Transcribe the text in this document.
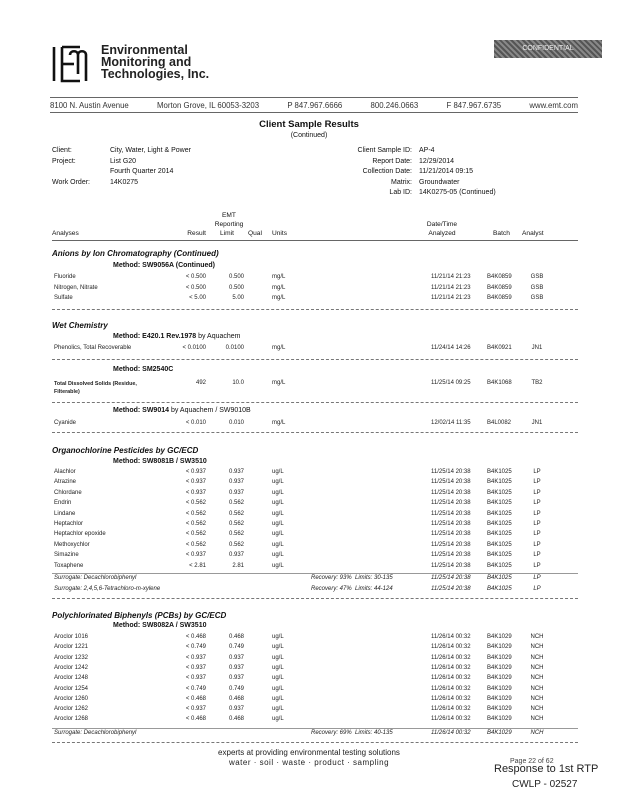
CONFIDENTIAL
Environmental
Monitoring and
Technologies, Inc.
8100 N. Austin Avenue	Morton Grove, IL 60053-3203	P 847.967.6666	800.246.0663	F 847.967.6735	www.emt.com
Client Sample Results
(Continued)
Client:	City, Water, Light & Power
Project:	List G20
Fourth Quarter 2014
Work Order:	14K0275
Client Sample ID: AP-4
Report Date: 12/29/2014
Collection Date: 11/21/2014 09:15
Matrix: Groundwater
Lab ID: 14K0275-05 (Continued)
EMT
Reporting	Date/Time
Analyses	Result Limit Qual Units	Analyzed	Batch Analyst
Anions by Ion Chromatography (Continued)
Method: SW9056A (Continued)
Fluoride	< 0.500	0.500	mg/L	11/21/14 21:23	B4K0859	GSB
Nitrogen, Nitrate	< 0.500	0.500	mg/L	11/21/14 21:23	B4K0859	GSB
Sulfate	< 5.00	5.00	mg/L	11/21/14 21:23	B4K0859	GSB
Wet Chemistry
Method: E420.1 Rev.1978 by Aquachem
Phenolics, Total Recoverable	< 0.0100	0.0100	mg/L	11/24/14 14:26	B4K0921	JN1
Method: SM2540C
Total Dissolved Solids (Residue,
Filterable)
492	10.0	mg/L	11/25/14 09:25	B4K1068	TB2
Method: SW9014 by Aquachem / SW9010B
Cyanide	< 0.010	0.010	mg/L	12/02/14 11:35	B4L0082	JN1
Organochlorine Pesticides by GC/ECD
Method: SW8081B / SW3510
Alachlor	< 0.937	0.937	ug/L	11/25/14 20:38	B4K1025	LP
Atrazine	< 0.937	0.937	ug/L	11/25/14 20:38	B4K1025	LP
Chlordane	< 0.937	0.937	ug/L	11/25/14 20:38	B4K1025	LP
Endrin	< 0.562	0.562	ug/L	11/25/14 20:38	B4K1025	LP
Lindane	< 0.562	0.562	ug/L	11/25/14 20:38	B4K1025	LP
Heptachlor	< 0.562	0.562	ug/L	11/25/14 20:38	B4K1025	LP
Heptachlor epoxide	< 0.562	0.562	ug/L	11/25/14 20:38	B4K1025	LP
Methoxychlor	< 0.562	0.562	ug/L	11/25/14 20:38	B4K1025	LP
Simazine	< 0.937	0.937	ug/L	11/25/14 20:38	B4K1025	LP
Toxaphene	< 2.81	2.81	ug/L	11/25/14 20:38	B4K1025	LP
Surrogate: Decachlorobiphenyl	Recovery: 93% Limits: 30-135	11/25/14 20:38	B4K1025	LP
Surrogate: 2,4,5,6-Tetrachloro-m-xylene	Recovery: 47% Limits: 44-124	11/25/14 20:38	B4K1025	LP
Polychlorinated Biphenyls (PCBs) by GC/ECD
Method: SW8082A / SW3510
Aroclor 1016	< 0.468	0.468	ug/L	11/26/14 00:32	B4K1029	NCH
Aroclor 1221	< 0.749	0.749	ug/L	11/26/14 00:32	B4K1029	NCH
Aroclor 1232	< 0.937	0.937	ug/L	11/26/14 00:32	B4K1029	NCH
Aroclor 1242	< 0.937	0.937	ug/L	11/26/14 00:32	B4K1029	NCH
Aroclor 1248	< 0.937	0.937	ug/L	11/26/14 00:32	B4K1029	NCH
Aroclor 1254	< 0.749	0.749	ug/L	11/26/14 00:32	B4K1029	NCH
Aroclor 1260	< 0.468	0.468	ug/L	11/26/14 00:32	B4K1029	NCH
Aroclor 1262	< 0.937	0.937	ug/L	11/26/14 00:32	B4K1029	NCH
Aroclor 1268	< 0.468	0.468	ug/L	11/26/14 00:32	B4K1029	NCH
Surrogate: Decachlorobiphenyl	Recovery: 69% Limits: 40-135	11/26/14 00:32	B4K1029	NCH
experts at providing environmental testing solutions
water · soil · waste · product · sampling	Page 22 of 62
Response to 1st RTP
CWLP - 02527
